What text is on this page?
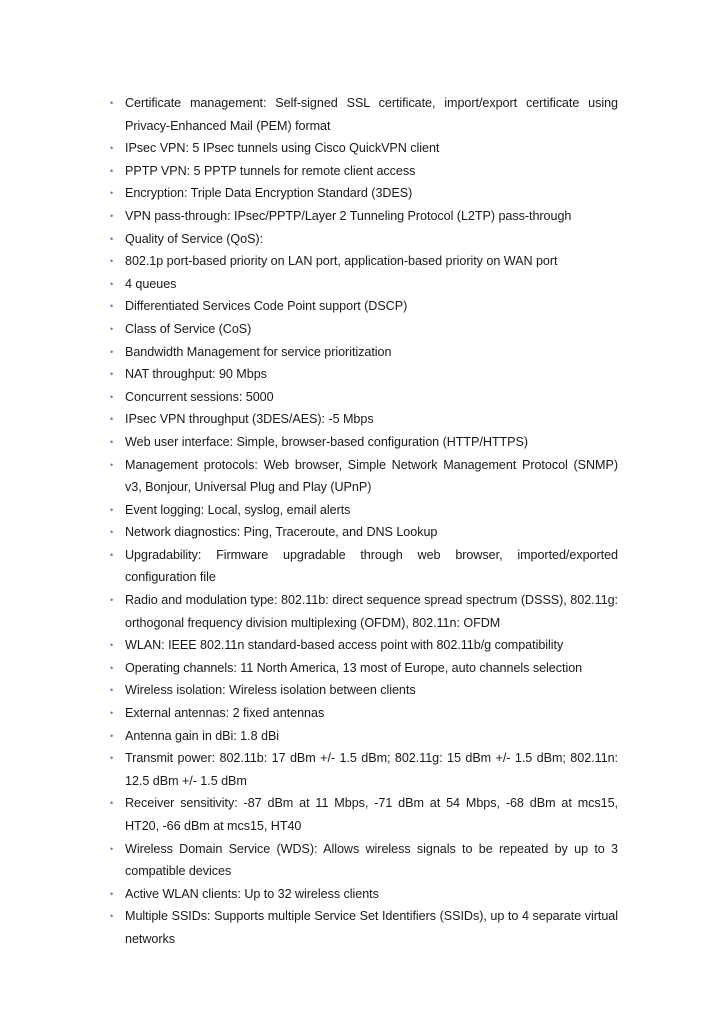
• Certificate management: Self-signed SSL certificate, import/export certificate using Privacy-Enhanced Mail (PEM) format
• IPsec VPN: 5 IPsec tunnels using Cisco QuickVPN client
• PPTP VPN: 5 PPTP tunnels for remote client access
• Encryption: Triple Data Encryption Standard (3DES)
• VPN pass-through: IPsec/PPTP/Layer 2 Tunneling Protocol (L2TP) pass-through
• Quality of Service (QoS):
• 802.1p port-based priority on LAN port, application-based priority on WAN port
• 4 queues
• Differentiated Services Code Point support (DSCP)
• Class of Service (CoS)
• Bandwidth Management for service prioritization
• NAT throughput: 90 Mbps
• Concurrent sessions: 5000
• IPsec VPN throughput (3DES/AES): -5 Mbps
• Web user interface: Simple, browser-based configuration (HTTP/HTTPS)
• Management protocols: Web browser, Simple Network Management Protocol (SNMP) v3, Bonjour, Universal Plug and Play (UPnP)
• Event logging: Local, syslog, email alerts
• Network diagnostics: Ping, Traceroute, and DNS Lookup
• Upgradability: Firmware upgradable through web browser, imported/exported configuration file
• Radio and modulation type: 802.11b: direct sequence spread spectrum (DSSS), 802.11g: orthogonal frequency division multiplexing (OFDM), 802.11n: OFDM
• WLAN: IEEE 802.11n standard-based access point with 802.11b/g compatibility
• Operating channels: 11 North America, 13 most of Europe, auto channels selection
• Wireless isolation: Wireless isolation between clients
• External antennas: 2 fixed antennas
• Antenna gain in dBi: 1.8 dBi
• Transmit power: 802.11b: 17 dBm +/- 1.5 dBm; 802.11g: 15 dBm +/- 1.5 dBm; 802.11n: 12.5 dBm +/- 1.5 dBm
• Receiver sensitivity: -87 dBm at 11 Mbps, -71 dBm at 54 Mbps, -68 dBm at mcs15, HT20, -66 dBm at mcs15, HT40
• Wireless Domain Service (WDS): Allows wireless signals to be repeated by up to 3 compatible devices
• Active WLAN clients: Up to 32 wireless clients
• Multiple SSIDs: Supports multiple Service Set Identifiers (SSIDs), up to 4 separate virtual networks
